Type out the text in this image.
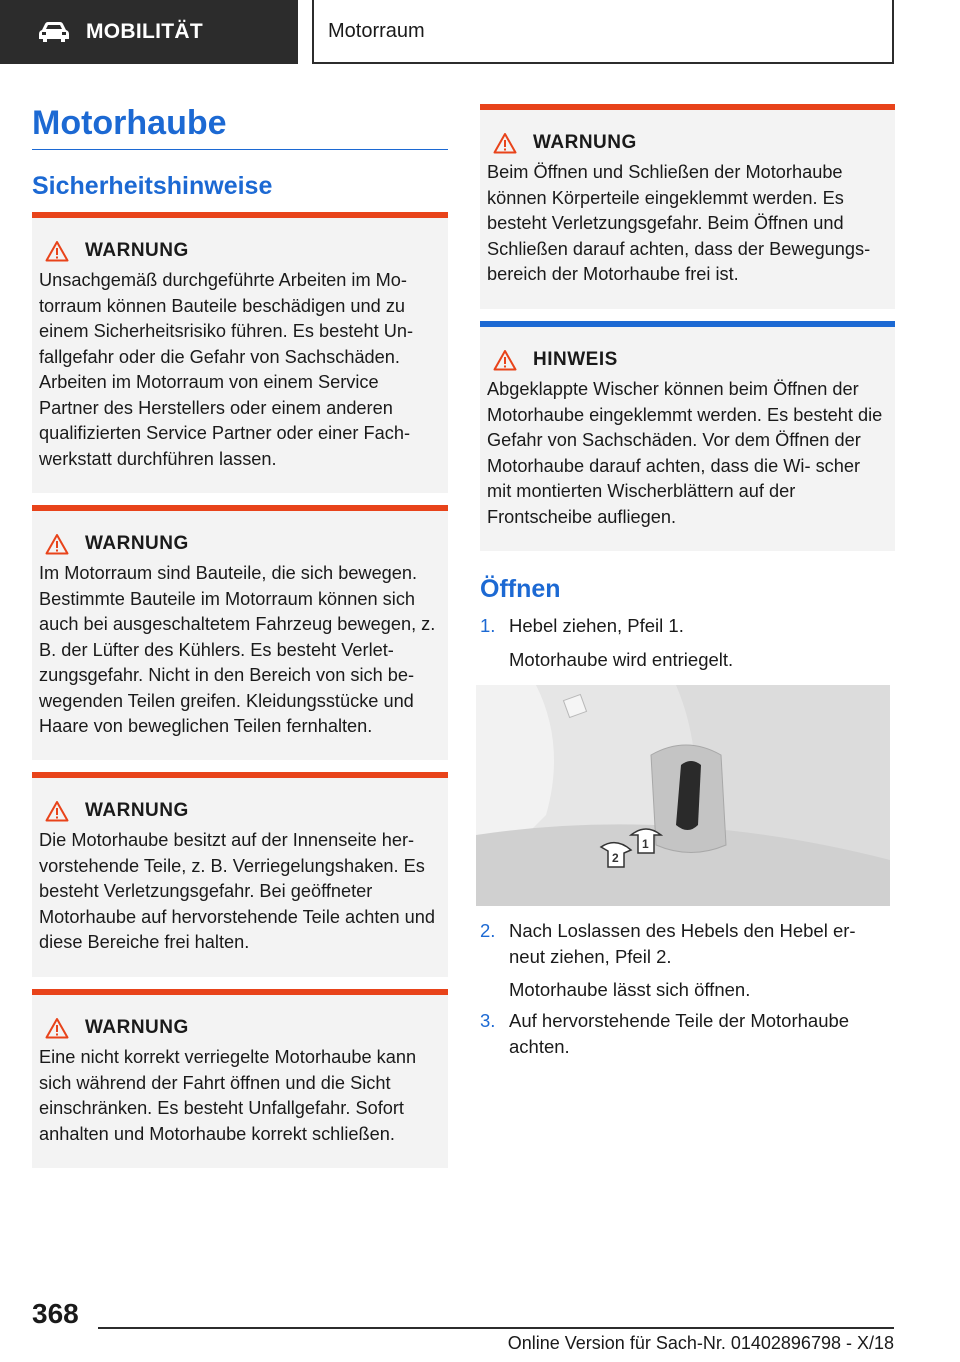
MOBILITÄT	Motorraum
Motorhaube
Sicherheitshinweise
WARNUNG
Unsachgemäß durchgeführte Arbeiten im Mo‐ torraum können Bauteile beschädigen und zu einem Sicherheitsrisiko führen. Es besteht Un‐ fallgefahr oder die Gefahr von Sachschäden. Arbeiten im Motorraum von einem Service Partner des Herstellers oder einem anderen qualifizierten Service Partner oder einer Fach‐ werkstatt durchführen lassen.
WARNUNG
Im Motorraum sind Bauteile, die sich bewegen. Bestimmte Bauteile im Motorraum können sich auch bei ausgeschaltetem Fahrzeug bewegen, z. B. der Lüfter des Kühlers. Es besteht Verlet‐ zungsgefahr. Nicht in den Bereich von sich be‐ wegenden Teilen greifen. Kleidungsstücke und Haare von beweglichen Teilen fernhalten.
WARNUNG
Die Motorhaube besitzt auf der Innenseite her‐ vorstehende Teile, z. B. Verriegelungshaken. Es besteht Verletzungsgefahr. Bei geöffneter Motorhaube auf hervorstehende Teile achten und diese Bereiche frei halten.
WARNUNG
Eine nicht korrekt verriegelte Motorhaube kann sich während der Fahrt öffnen und die Sicht einschränken. Es besteht Unfallgefahr. Sofort anhalten und Motorhaube korrekt schließen.
WARNUNG
Beim Öffnen und Schließen der Motorhaube können Körperteile eingeklemmt werden. Es besteht Verletzungsgefahr. Beim Öffnen und Schließen darauf achten, dass der Bewegungs‐ bereich der Motorhaube frei ist.
HINWEIS
Abgeklappte Wischer können beim Öffnen der Motorhaube eingeklemmt werden. Es besteht die Gefahr von Sachschäden. Vor dem Öffnen der Motorhaube darauf achten, dass die Wi‐ scher mit montierten Wischerblättern auf der Frontscheibe aufliegen.
Öffnen
1. Hebel ziehen, Pfeil 1.
Motorhaube wird entriegelt.
1
2
2. Nach Loslassen des Hebels den Hebel er‐ neut ziehen, Pfeil 2.
Motorhaube lässt sich öffnen.
3. Auf hervorstehende Teile der Motorhaube achten.
368
Online Version für Sach-Nr. 01402896798 - X/18
